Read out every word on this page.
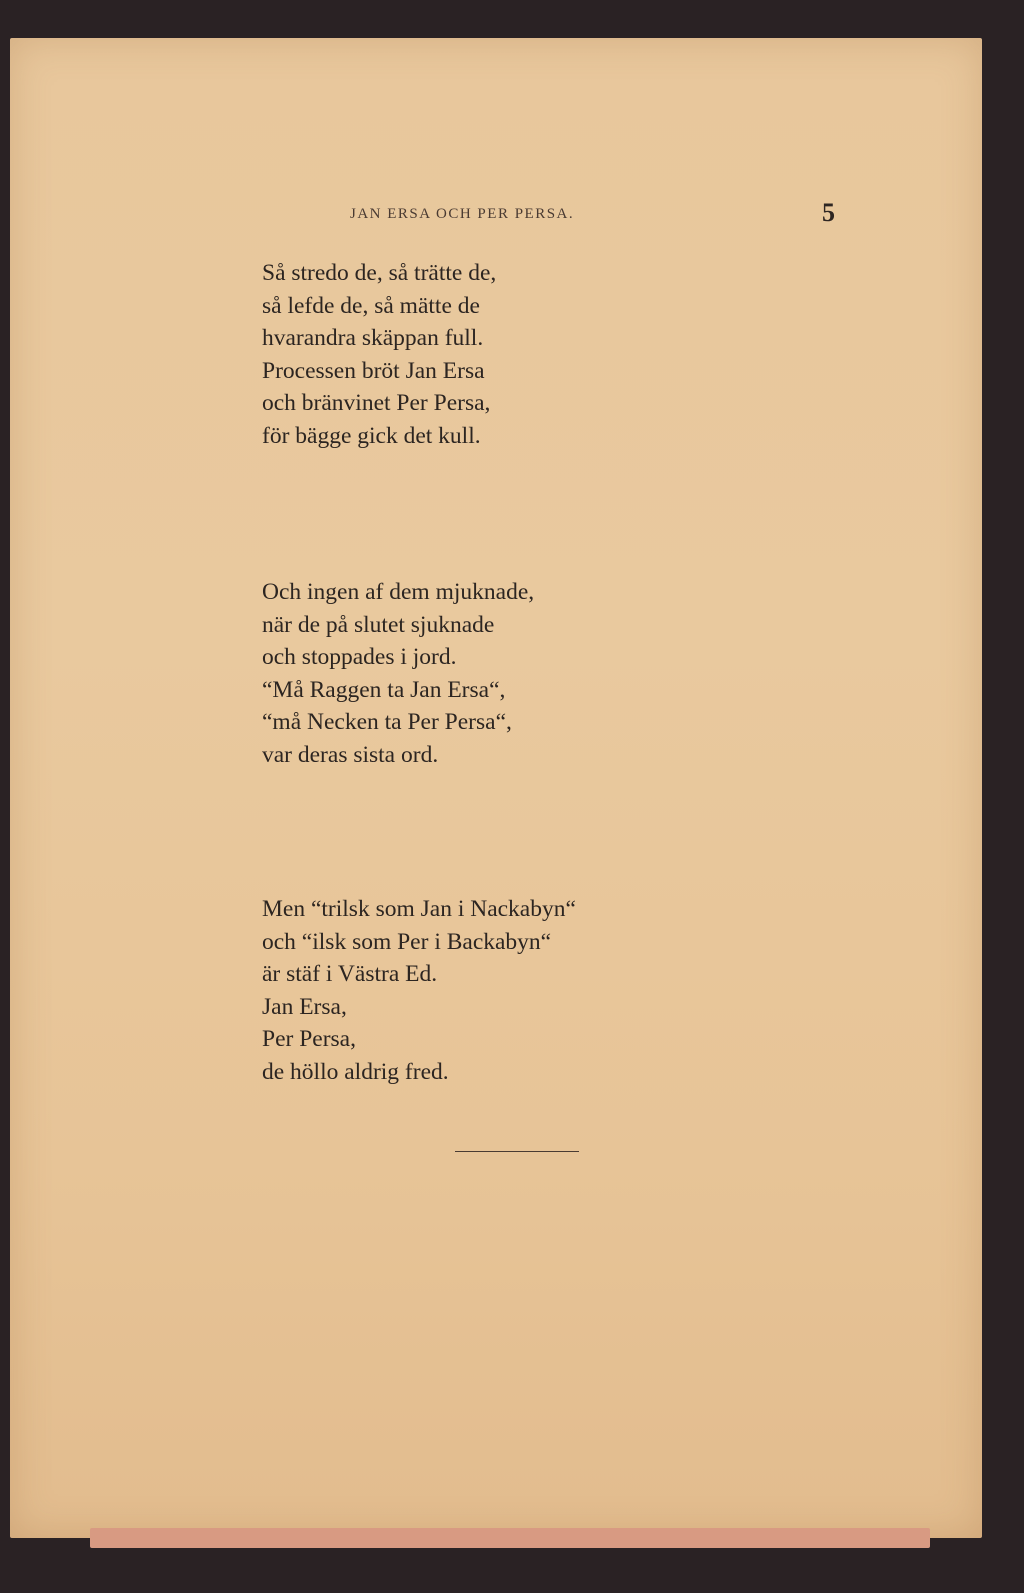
JAN ERSA OCH PER PERSA.	5
Så stredo de, så trätte de,
så lefde de, så mätte de
hvarandra skäppan full.
Processen bröt Jan Ersa
och bränvinet Per Persa,
för bägge gick det kull.
Och ingen af dem mjuknade,
när de på slutet sjuknade
och stoppades i jord.
“Må Raggen ta Jan Ersa“,
“må Necken ta Per Persa“,
var deras sista ord.
Men “trilsk som Jan i Nackabyn“
och “ilsk som Per i Backabyn“
är stäf i Västra Ed.
Jan Ersa,
Per Persa,
de höllo aldrig fred.
